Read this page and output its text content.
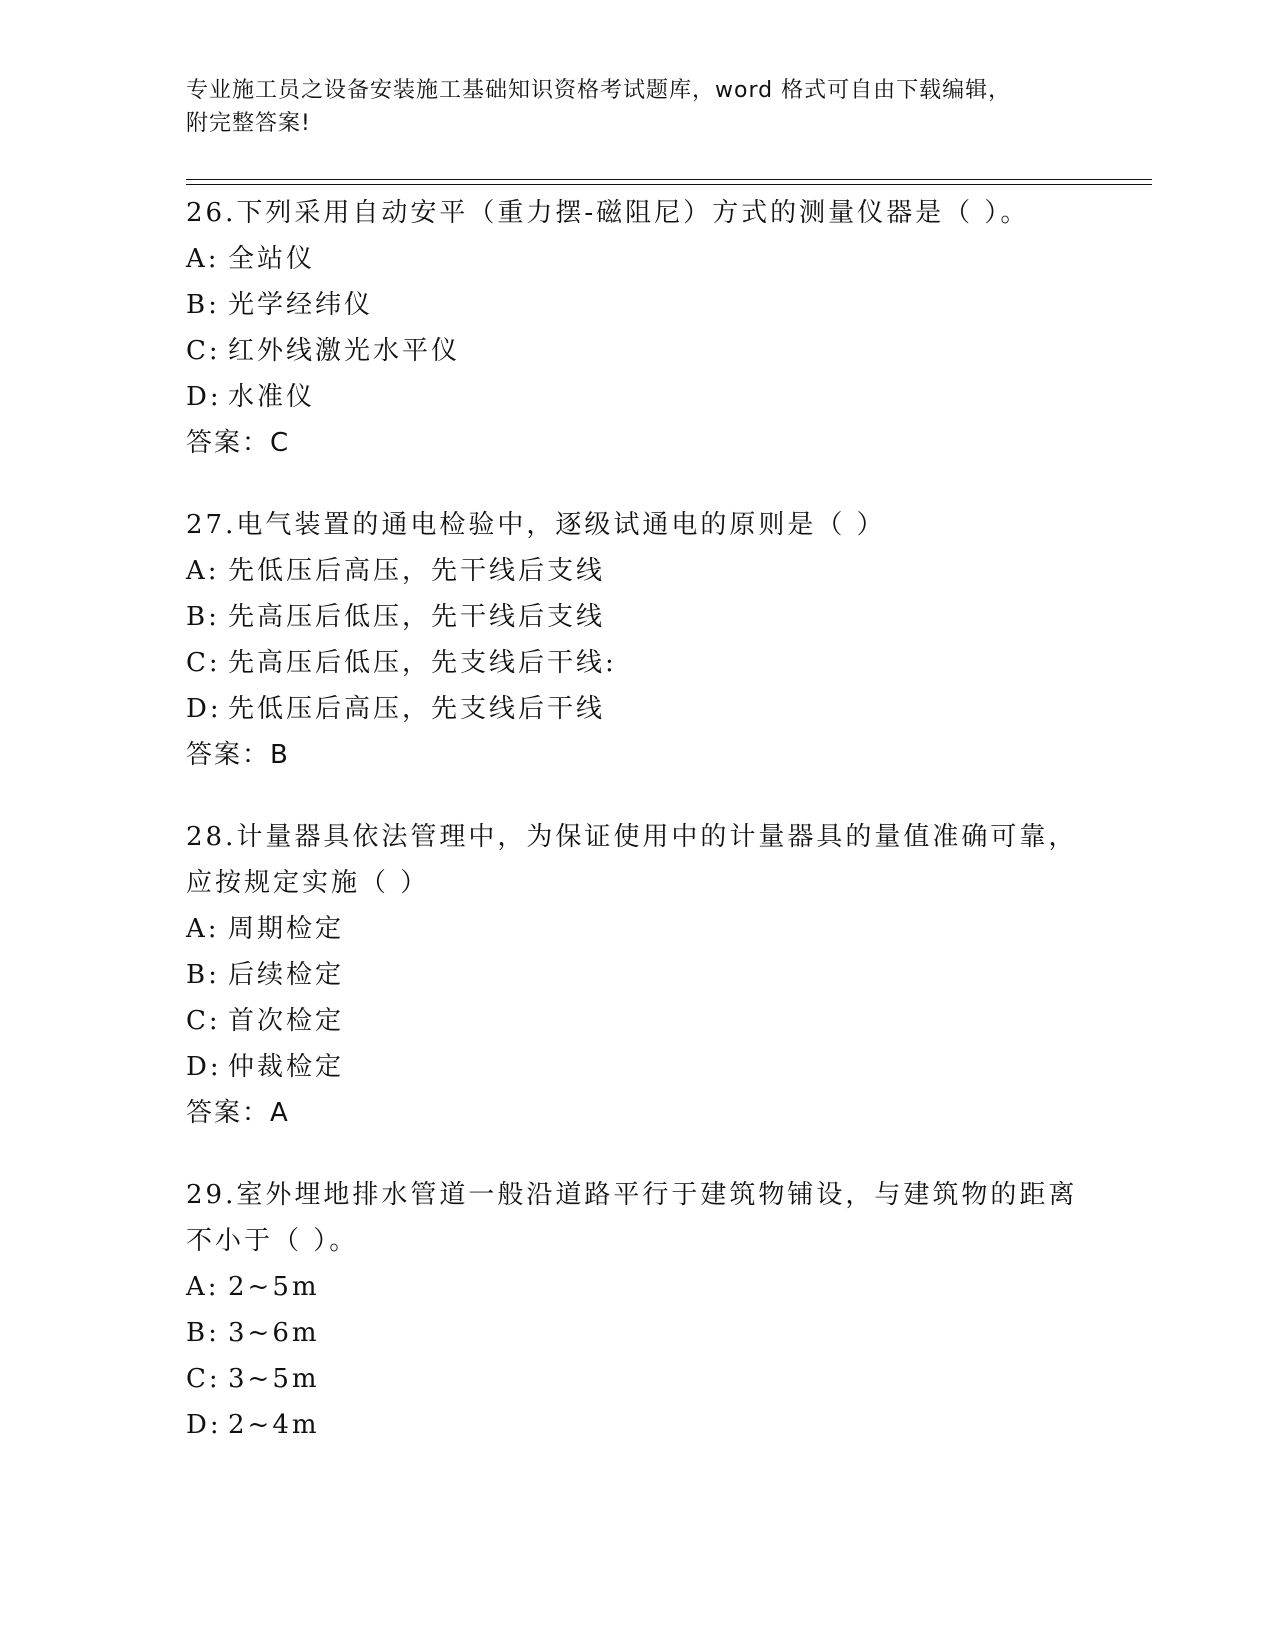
专业施工员之设备安装施工基础知识资格考试题库，word 格式可自由下载编辑，
附完整答案!
26.下列采用自动安平（重力摆-磁阻尼）方式的测量仪器是（ ）。
A: 全站仪
B: 光学经纬仪
C: 红外线激光水平仪
D: 水准仪
答案：C
27.电气装置的通电检验中，逐级试通电的原则是（ ）
A: 先低压后高压，先干线后支线
B: 先高压后低压，先干线后支线
C: 先高压后低压，先支线后干线:
D: 先低压后高压，先支线后干线
答案：B
28.计量器具依法管理中，为保证使用中的计量器具的量值准确可靠，
应按规定实施（ ）
A: 周期检定
B: 后续检定
C: 首次检定
D: 仲裁检定
答案：A
29.室外埋地排水管道一般沿道路平行于建筑物铺设，与建筑物的距离
不小于（ ）。
A: 2~5m
B: 3~6m
C: 3~5m
D: 2~4m
